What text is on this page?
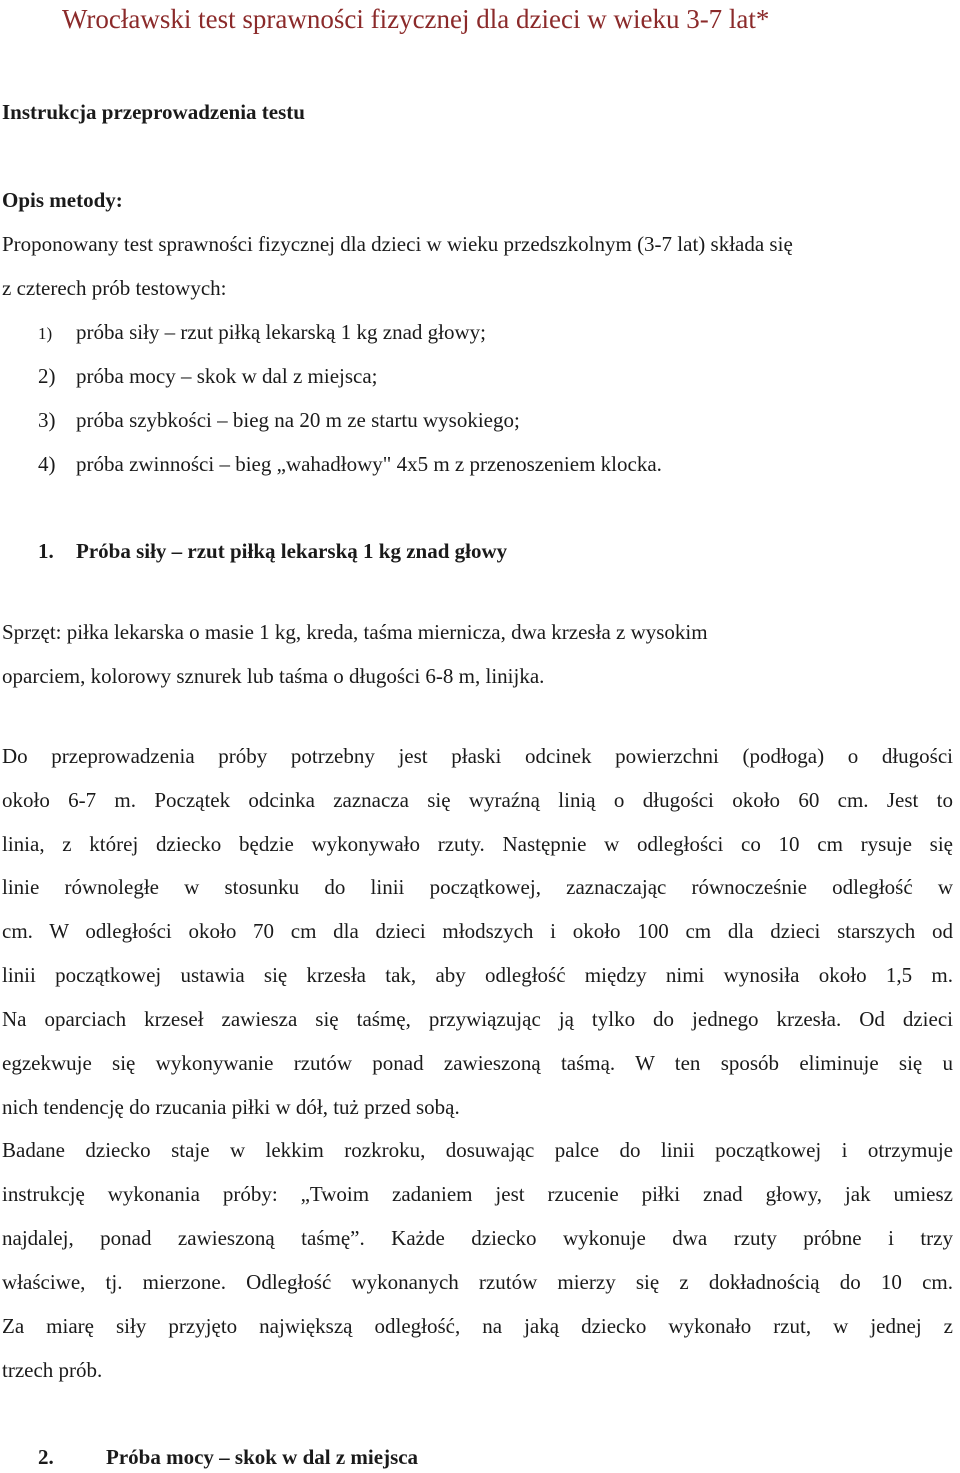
Wrocławski test sprawności fizycznej dla dzieci w wieku 3-7 lat*
Instrukcja przeprowadzenia testu
Opis metody:
Proponowany test sprawności fizycznej dla dzieci w wieku przedszkolnym (3-7 lat) składa się
z czterech prób testowych:
1) próba siły – rzut piłką lekarską 1 kg znad głowy;
2) próba mocy – skok w dal z miejsca;
3) próba szybkości – bieg na 20 m ze startu wysokiego;
4) próba zwinności – bieg „wahadłowy" 4x5 m z przenoszeniem klocka.
1. Próba siły – rzut piłką lekarską 1 kg znad głowy
Sprzęt: piłka lekarska o masie 1 kg, kreda, taśma miernicza, dwa krzesła z wysokim
oparciem, kolorowy sznurek lub taśma o długości 6-8 m, linijka.
Do przeprowadzenia próby potrzebny jest płaski odcinek powierzchni (podłoga) o długości
około 6-7 m. Początek odcinka zaznacza się wyraźną linią o długości około 60 cm. Jest to
linia, z której dziecko będzie wykonywało rzuty. Następnie w odległości co 10 cm rysuje się
linie równoległe w stosunku do linii początkowej, zaznaczając równocześnie odległość w
cm. W odległości około 70 cm dla dzieci młodszych i około 100 cm dla dzieci starszych od
linii początkowej ustawia się krzesła tak, aby odległość między nimi wynosiła około 1,5 m.
Na oparciach krzeseł zawiesza się taśmę, przywiązując ją tylko do jednego krzesła. Od dzieci
egzekwuje się wykonywanie rzutów ponad zawieszoną taśmą. W ten sposób eliminuje się u
nich tendencję do rzucania piłki w dół, tuż przed sobą.
Badane dziecko staje w lekkim rozkroku, dosuwając palce do linii początkowej i otrzymuje
instrukcję wykonania próby: „Twoim zadaniem jest rzucenie piłki znad głowy, jak umiesz
najdalej, ponad zawieszoną taśmę”. Każde dziecko wykonuje dwa rzuty próbne i trzy
właściwe, tj. mierzone. Odległość wykonanych rzutów mierzy się z dokładnością do 10 cm.
Za miarę siły przyjęto największą odległość, na jaką dziecko wykonało rzut, w jednej z
trzech prób.
2. Próba mocy – skok w dal z miejsca
